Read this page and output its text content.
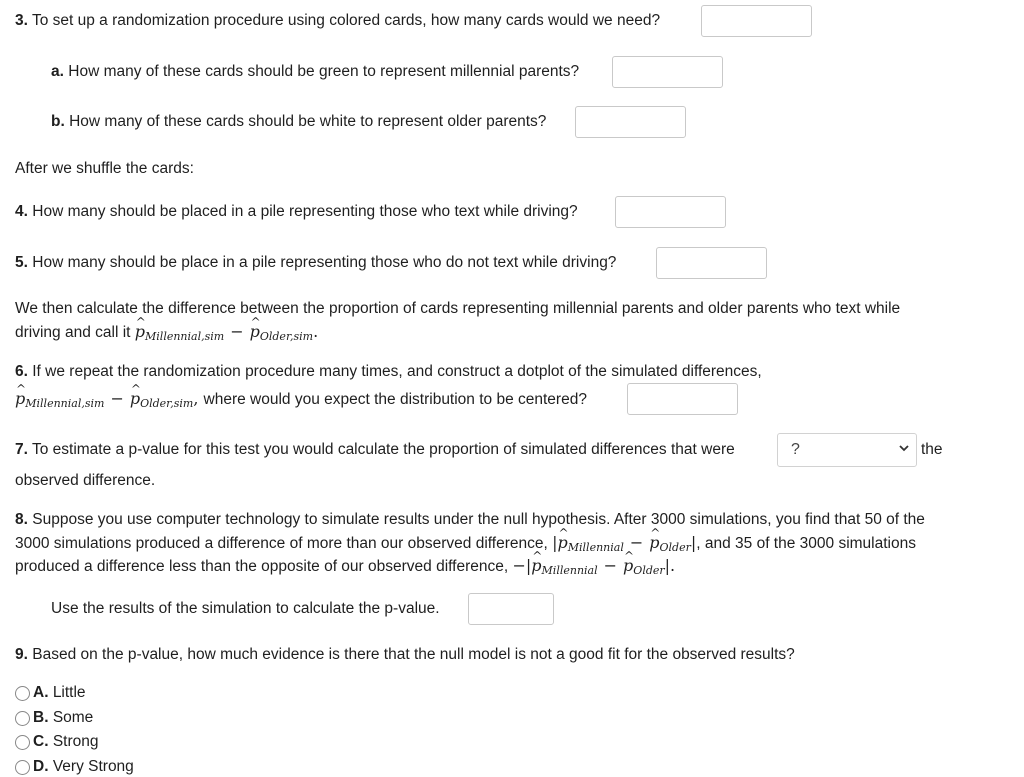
3. To set up a randomization procedure using colored cards, how many cards would we need?
a. How many of these cards should be green to represent millennial parents?
b. How many of these cards should be white to represent older parents?
After we shuffle the cards:
4. How many should be placed in a pile representing those who text while driving?
5. How many should be place in a pile representing those who do not text while driving?
We then calculate the difference between the proportion of cards representing millennial parents and older parents who text while
driving and call it ^ $p_{Millennial,sim}$ − ^ $p_{Older,sim}$.
6. If we repeat the randomization procedure many times, and construct a dotplot of the simulated differences,
^ $p_{Millennial,sim}$ − ^ $p_{Older,sim}$, where would you expect the distribution to be centered?
7. To estimate a p-value for this test you would calculate the proportion of simulated differences that were	?	the
observed difference.
8. Suppose you use computer technology to simulate results under the null hypothesis. After 3000 simulations, you find that 50 of the
3000 simulations produced a difference of more than our observed difference, |^ $p_{Millennial}$ − ^ $p_{Older}|$, and 35 of the 3000 simulations
produced a difference less than the opposite of our observed difference, −|^ $p_{Millennial}$ − ^ $p_{Older}|$.
Use the results of the simulation to calculate the p-value.
9. Based on the p-value, how much evidence is there that the null model is not a good fit for the observed results?
A. Little
B. Some
C. Strong
D. Very Strong
